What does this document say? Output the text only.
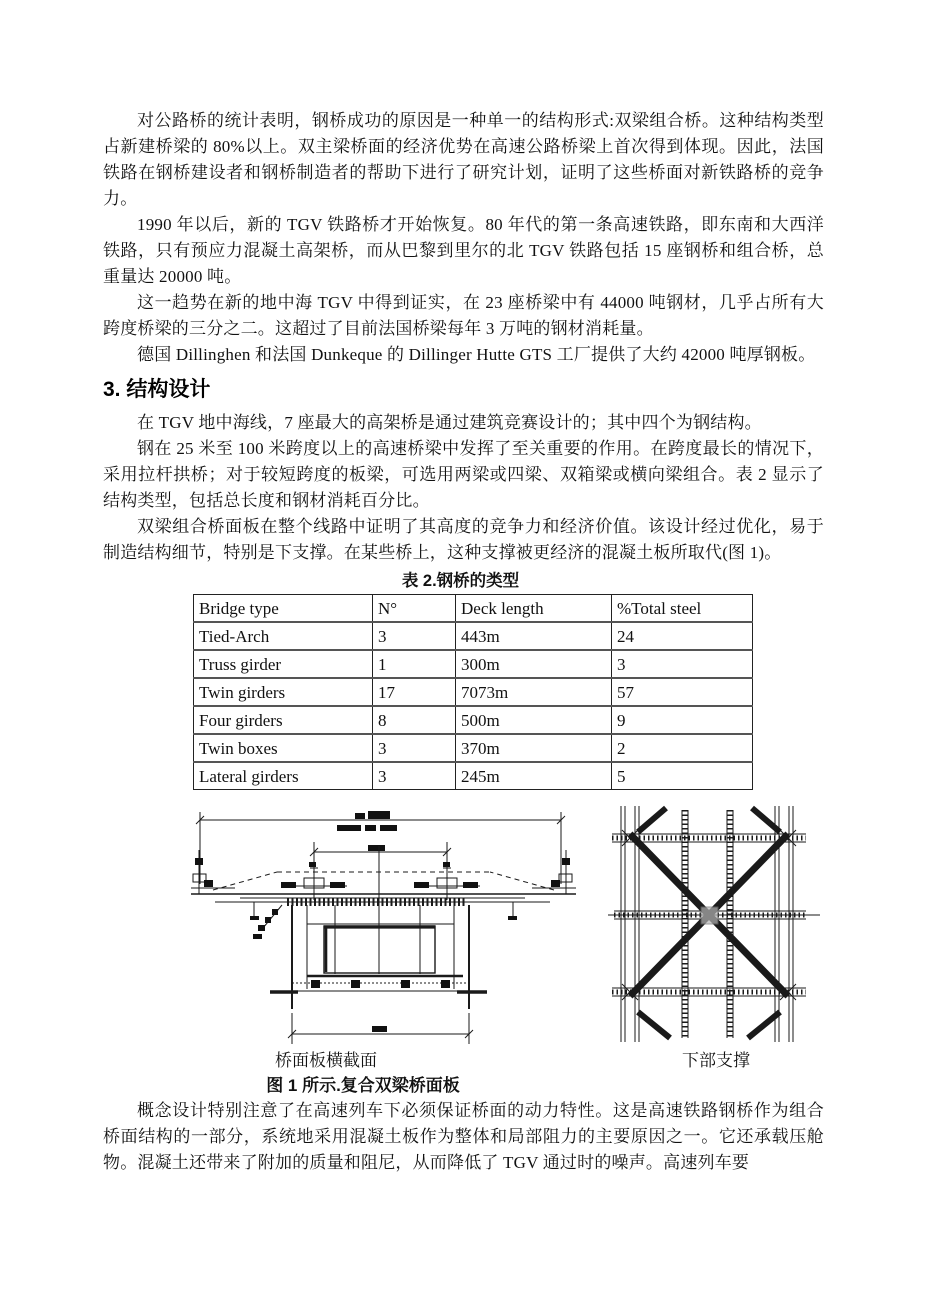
对公路桥的统计表明，钢桥成功的原因是一种单一的结构形式:双梁组合桥。这种结构类型占新建桥梁的 80%以上。双主梁桥面的经济优势在高速公路桥梁上首次得到体现。因此，法国铁路在钢桥建设者和钢桥制造者的帮助下进行了研究计划，证明了这些桥面对新铁路桥的竞争力。

1990 年以后，新的 TGV 铁路桥才开始恢复。80 年代的第一条高速铁路，即东南和大西洋铁路，只有预应力混凝土高架桥，而从巴黎到里尔的北 TGV 铁路包括 15 座钢桥和组合桥，总重量达 20000 吨。

这一趋势在新的地中海 TGV 中得到证实，在 23 座桥梁中有 44000 吨钢材，几乎占所有大跨度桥梁的三分之二。这超过了目前法国桥梁每年 3 万吨的钢材消耗量。

德国 Dillinghen 和法国 Dunkeque 的 Dillinger Hutte GTS 工厂提供了大约 42000 吨厚钢板。

3. 结构设计

在 TGV 地中海线，7 座最大的高架桥是通过建筑竞赛设计的；其中四个为钢结构。

钢在 25 米至 100 米跨度以上的高速桥梁中发挥了至关重要的作用。在跨度最长的情况下，采用拉杆拱桥；对于较短跨度的板梁，可选用两梁或四梁、双箱梁或横向梁组合。表 2 显示了结构类型，包括总长度和钢材消耗百分比。

双梁组合桥面板在整个线路中证明了其高度的竞争力和经济价值。该设计经过优化，易于制造结构细节，特别是下支撑。在某些桥上，这种支撑被更经济的混凝土板所取代(图 1)。

表 2.钢桥的类型
Bridge type	N°	Deck length	%Total steel
Tied-Arch	3	443m	24
Truss girder	1	300m	3
Twin girders	17	7073m	57
Four girders	8	500m	9
Twin boxes	3	370m	2
Lateral girders	3	245m	5
桥面板横截面	下部支撑

图 1 所示.复合双梁桥面板

概念设计特别注意了在高速列车下必须保证桥面的动力特性。这是高速铁路钢桥作为组合桥面结构的一部分，系统地采用混凝土板作为整体和局部阻力的主要原因之一。它还承载压舱物。混凝土还带来了附加的质量和阻尼，从而降低了 TGV 通过时的噪声。高速列车要
